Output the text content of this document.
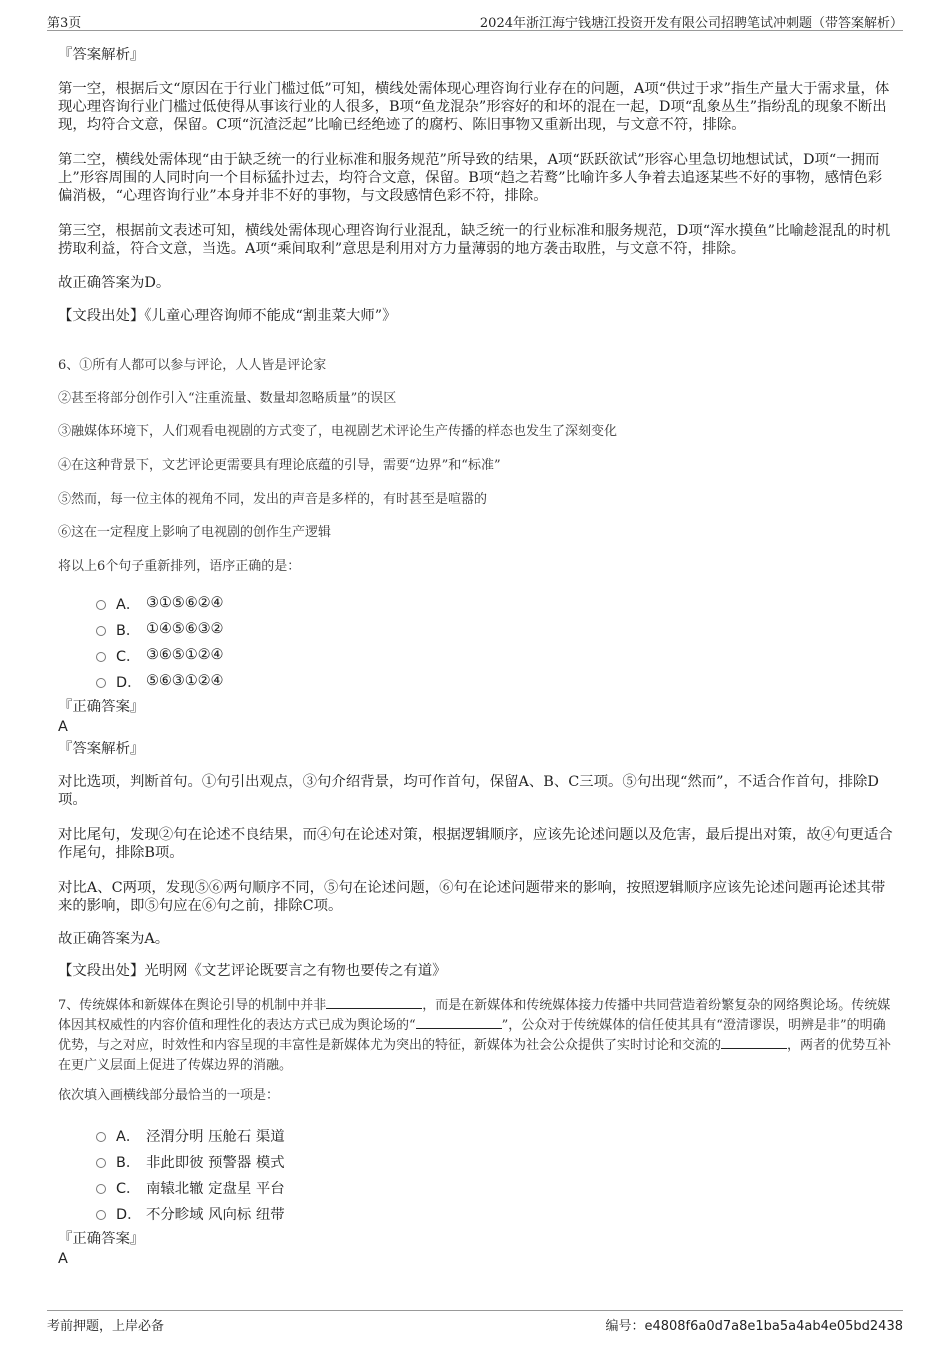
第3页	2024年浙江海宁钱塘江投资开发有限公司招聘笔试冲刺题（带答案解析）

『答案解析』

第一空，根据后文“原因在于行业门槛过低”可知，横线处需体现心理咨询行业存在的问题，A项“供过于求”指生产量大于需求量，体现心理咨询行业门槛过低使得从事该行业的人很多，B项“鱼龙混杂”形容好的和坏的混在一起，D项“乱象丛生”指纷乱的现象不断出现，均符合文意，保留。C项“沉渣泛起”比喻已经绝迹了的腐朽、陈旧事物又重新出现，与文意不符，排除。

第二空，横线处需体现“由于缺乏统一的行业标准和服务规范”所导致的结果，A项“跃跃欲试”形容心里急切地想试试，D项“一拥而上”形容周围的人同时向一个目标猛扑过去，均符合文意，保留。B项“趋之若鹜”比喻许多人争着去追逐某些不好的事物，感情色彩偏消极，“心理咨询行业”本身并非不好的事物，与文段感情色彩不符，排除。

第三空，根据前文表述可知，横线处需体现心理咨询行业混乱，缺乏统一的行业标准和服务规范，D项“浑水摸鱼”比喻趁混乱的时机捞取利益，符合文意，当选。A项“乘间取利”意思是利用对方力量薄弱的地方袭击取胜，与文意不符，排除。

故正确答案为D。

【文段出处】《儿童心理咨询师不能成“割韭菜大师”》

6、①所有人都可以参与评论，人人皆是评论家

②甚至将部分创作引入“注重流量、数量却忽略质量”的误区

③融媒体环境下，人们观看电视剧的方式变了，电视剧艺术评论生产传播的样态也发生了深刻变化

④在这种背景下，文艺评论更需要具有理论底蕴的引导，需要“边界”和“标准”

⑤然而，每一位主体的视角不同，发出的声音是多样的，有时甚至是喧嚣的

⑥这在一定程度上影响了电视剧的创作生产逻辑

将以上6个句子重新排列，语序正确的是：

A． ③①⑤⑥②④
B． ①④⑤⑥③②
C． ③⑥⑤①②④
D． ⑤⑥③①②④

『正确答案』

A

『答案解析』

对比选项，判断首句。①句引出观点，③句介绍背景，均可作首句，保留A、B、C三项。⑤句出现“然而”，不适合作首句，排除D项。

对比尾句，发现②句在论述不良结果，而④句在论述对策，根据逻辑顺序，应该先论述问题以及危害，最后提出对策，故④句更适合作尾句，排除B项。

对比A、C两项，发现⑤⑥两句顺序不同，⑤句在论述问题，⑥句在论述问题带来的影响，按照逻辑顺序应该先论述问题再论述其带来的影响，即⑤句应在⑥句之前，排除C项。

故正确答案为A。

【文段出处】光明网《文艺评论既要言之有物也要传之有道》

7、传统媒体和新媒体在舆论引导的机制中并非	，而是在新媒体和传统媒体接力传播中共同营造着纷繁复杂的网络舆论场。传统媒体因其权威性的内容价值和理性化的表达方式已成为舆论场的“	”，公众对于传统媒体的信任使其具有“澄清谬误，明辨是非”的明确优势，与之对应，时效性和内容呈现的丰富性是新媒体尤为突出的特征，新媒体为社会公众提供了实时讨论和交流的	，两者的优势互补在更广义层面上促进了传媒边界的消融。

依次填入画横线部分最恰当的一项是：

A． 泾渭分明 压舱石 渠道
B． 非此即彼 预警器 模式
C． 南辕北辙 定盘星 平台
D． 不分畛域 风向标 纽带

『正确答案』

A

考前押题，上岸必备	编号：e4808f6a0d7a8e1ba5a4ab4e05bd2438
